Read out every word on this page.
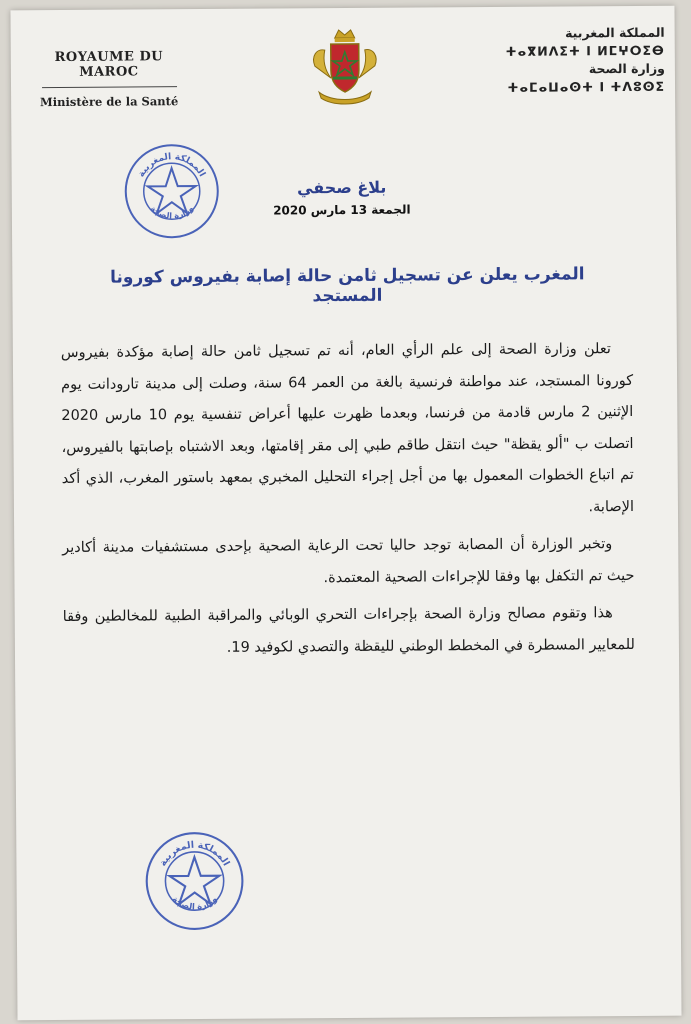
ROYAUME DU MAROC
Ministère de la Santé
المملكة المغربية
ⵜⴰⴳⵍⴷⵉⵜ ⵏ ⵍⵎⵖⵔⵉⴱ
وزارة الصحة
ⵜⴰⵎⴰⵡⴰⵙⵜ ⵏ ⵜⴷⵓⵙⵉ
المملكة المغربية
وزارة الصحة
بلاغ صحفي
الجمعة 13 مارس 2020
المغرب يعلن عن تسجيل ثامن حالة إصابة بفيروس كورونا المستجد

تعلن وزارة الصحة إلى علم الرأي العام، أنه تم تسجيل ثامن حالة إصابة مؤكدة بفيروس كورونا المستجد، عند مواطنة فرنسية بالغة من العمر 64 سنة، وصلت إلى مدينة تارودانت يوم الإثنين 2 مارس قادمة من فرنسا، وبعدما ظهرت عليها أعراض تنفسية يوم 10 مارس 2020 اتصلت ب "ألو يقظة" حيث انتقل طاقم طبي إلى مقر إقامتها، وبعد الاشتباه بإصابتها بالفيروس، تم اتباع الخطوات المعمول بها من أجل إجراء التحليل المخبري بمعهد باستور المغرب، الذي أكد الإصابة.

وتخبر الوزارة أن المصابة توجد حاليا تحت الرعاية الصحية بإحدى مستشفيات مدينة أكادير حيث تم التكفل بها وفقا للإجراءات الصحية المعتمدة.

هذا وتقوم مصالح وزارة الصحة بإجراءات التحري الوبائي والمراقبة الطبية للمخالطين وفقا للمعايير المسطرة في المخطط الوطني لليقظة والتصدي لكوفيد 19.

المملكة المغربية
وزارة الصحة
